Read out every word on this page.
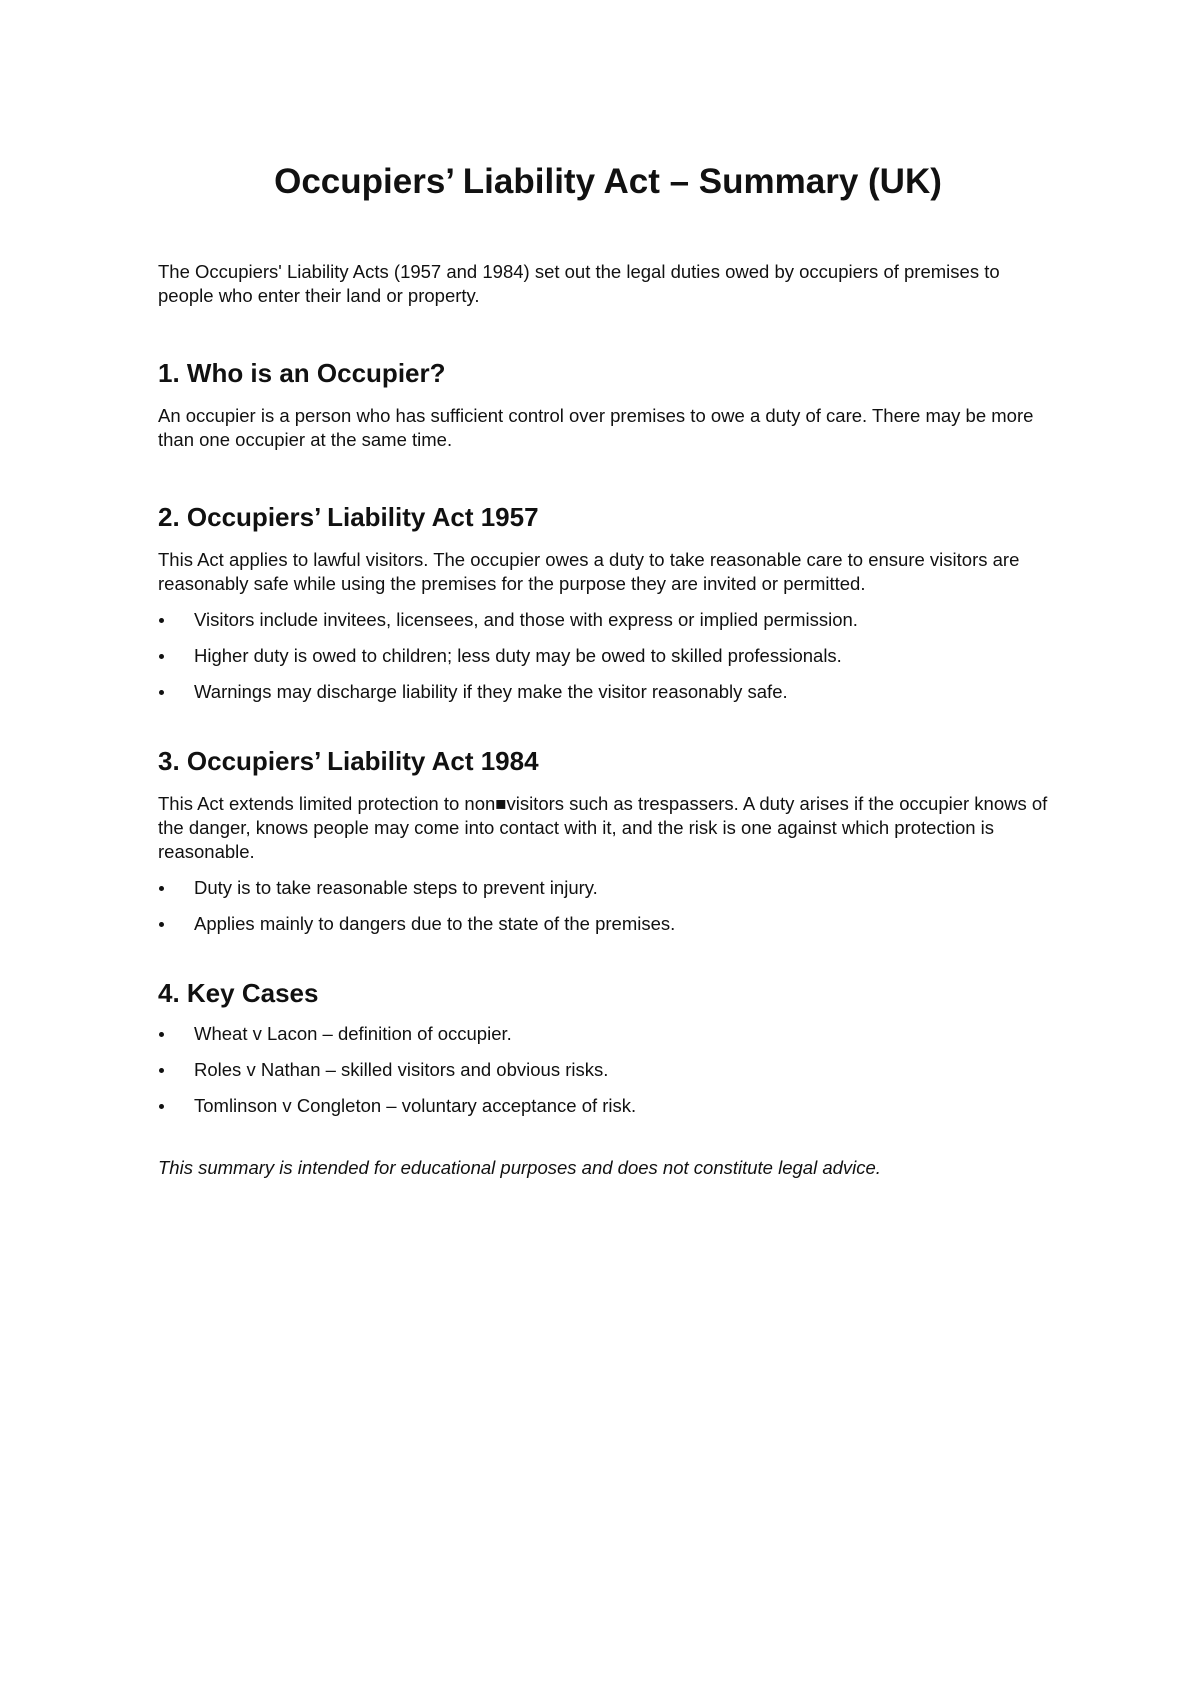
Occupiers’ Liability Act – Summary (UK)

The Occupiers' Liability Acts (1957 and 1984) set out the legal duties owed by occupiers of premises to people who enter their land or property.

1. Who is an Occupier?

An occupier is a person who has sufficient control over premises to owe a duty of care. There may be more than one occupier at the same time.

2. Occupiers’ Liability Act 1957

This Act applies to lawful visitors. The occupier owes a duty to take reasonable care to ensure visitors are reasonably safe while using the premises for the purpose they are invited or permitted.

Visitors include invitees, licensees, and those with express or implied permission.
Higher duty is owed to children; less duty may be owed to skilled professionals.
Warnings may discharge liability if they make the visitor reasonably safe.
3. Occupiers’ Liability Act 1984

This Act extends limited protection to non■visitors such as trespassers. A duty arises if the occupier knows of the danger, knows people may come into contact with it, and the risk is one against which protection is reasonable.

Duty is to take reasonable steps to prevent injury.
Applies mainly to dangers due to the state of the premises.
4. Key Cases
Wheat v Lacon – definition of occupier.
Roles v Nathan – skilled visitors and obvious risks.
Tomlinson v Congleton – voluntary acceptance of risk.

This summary is intended for educational purposes and does not constitute legal advice.
